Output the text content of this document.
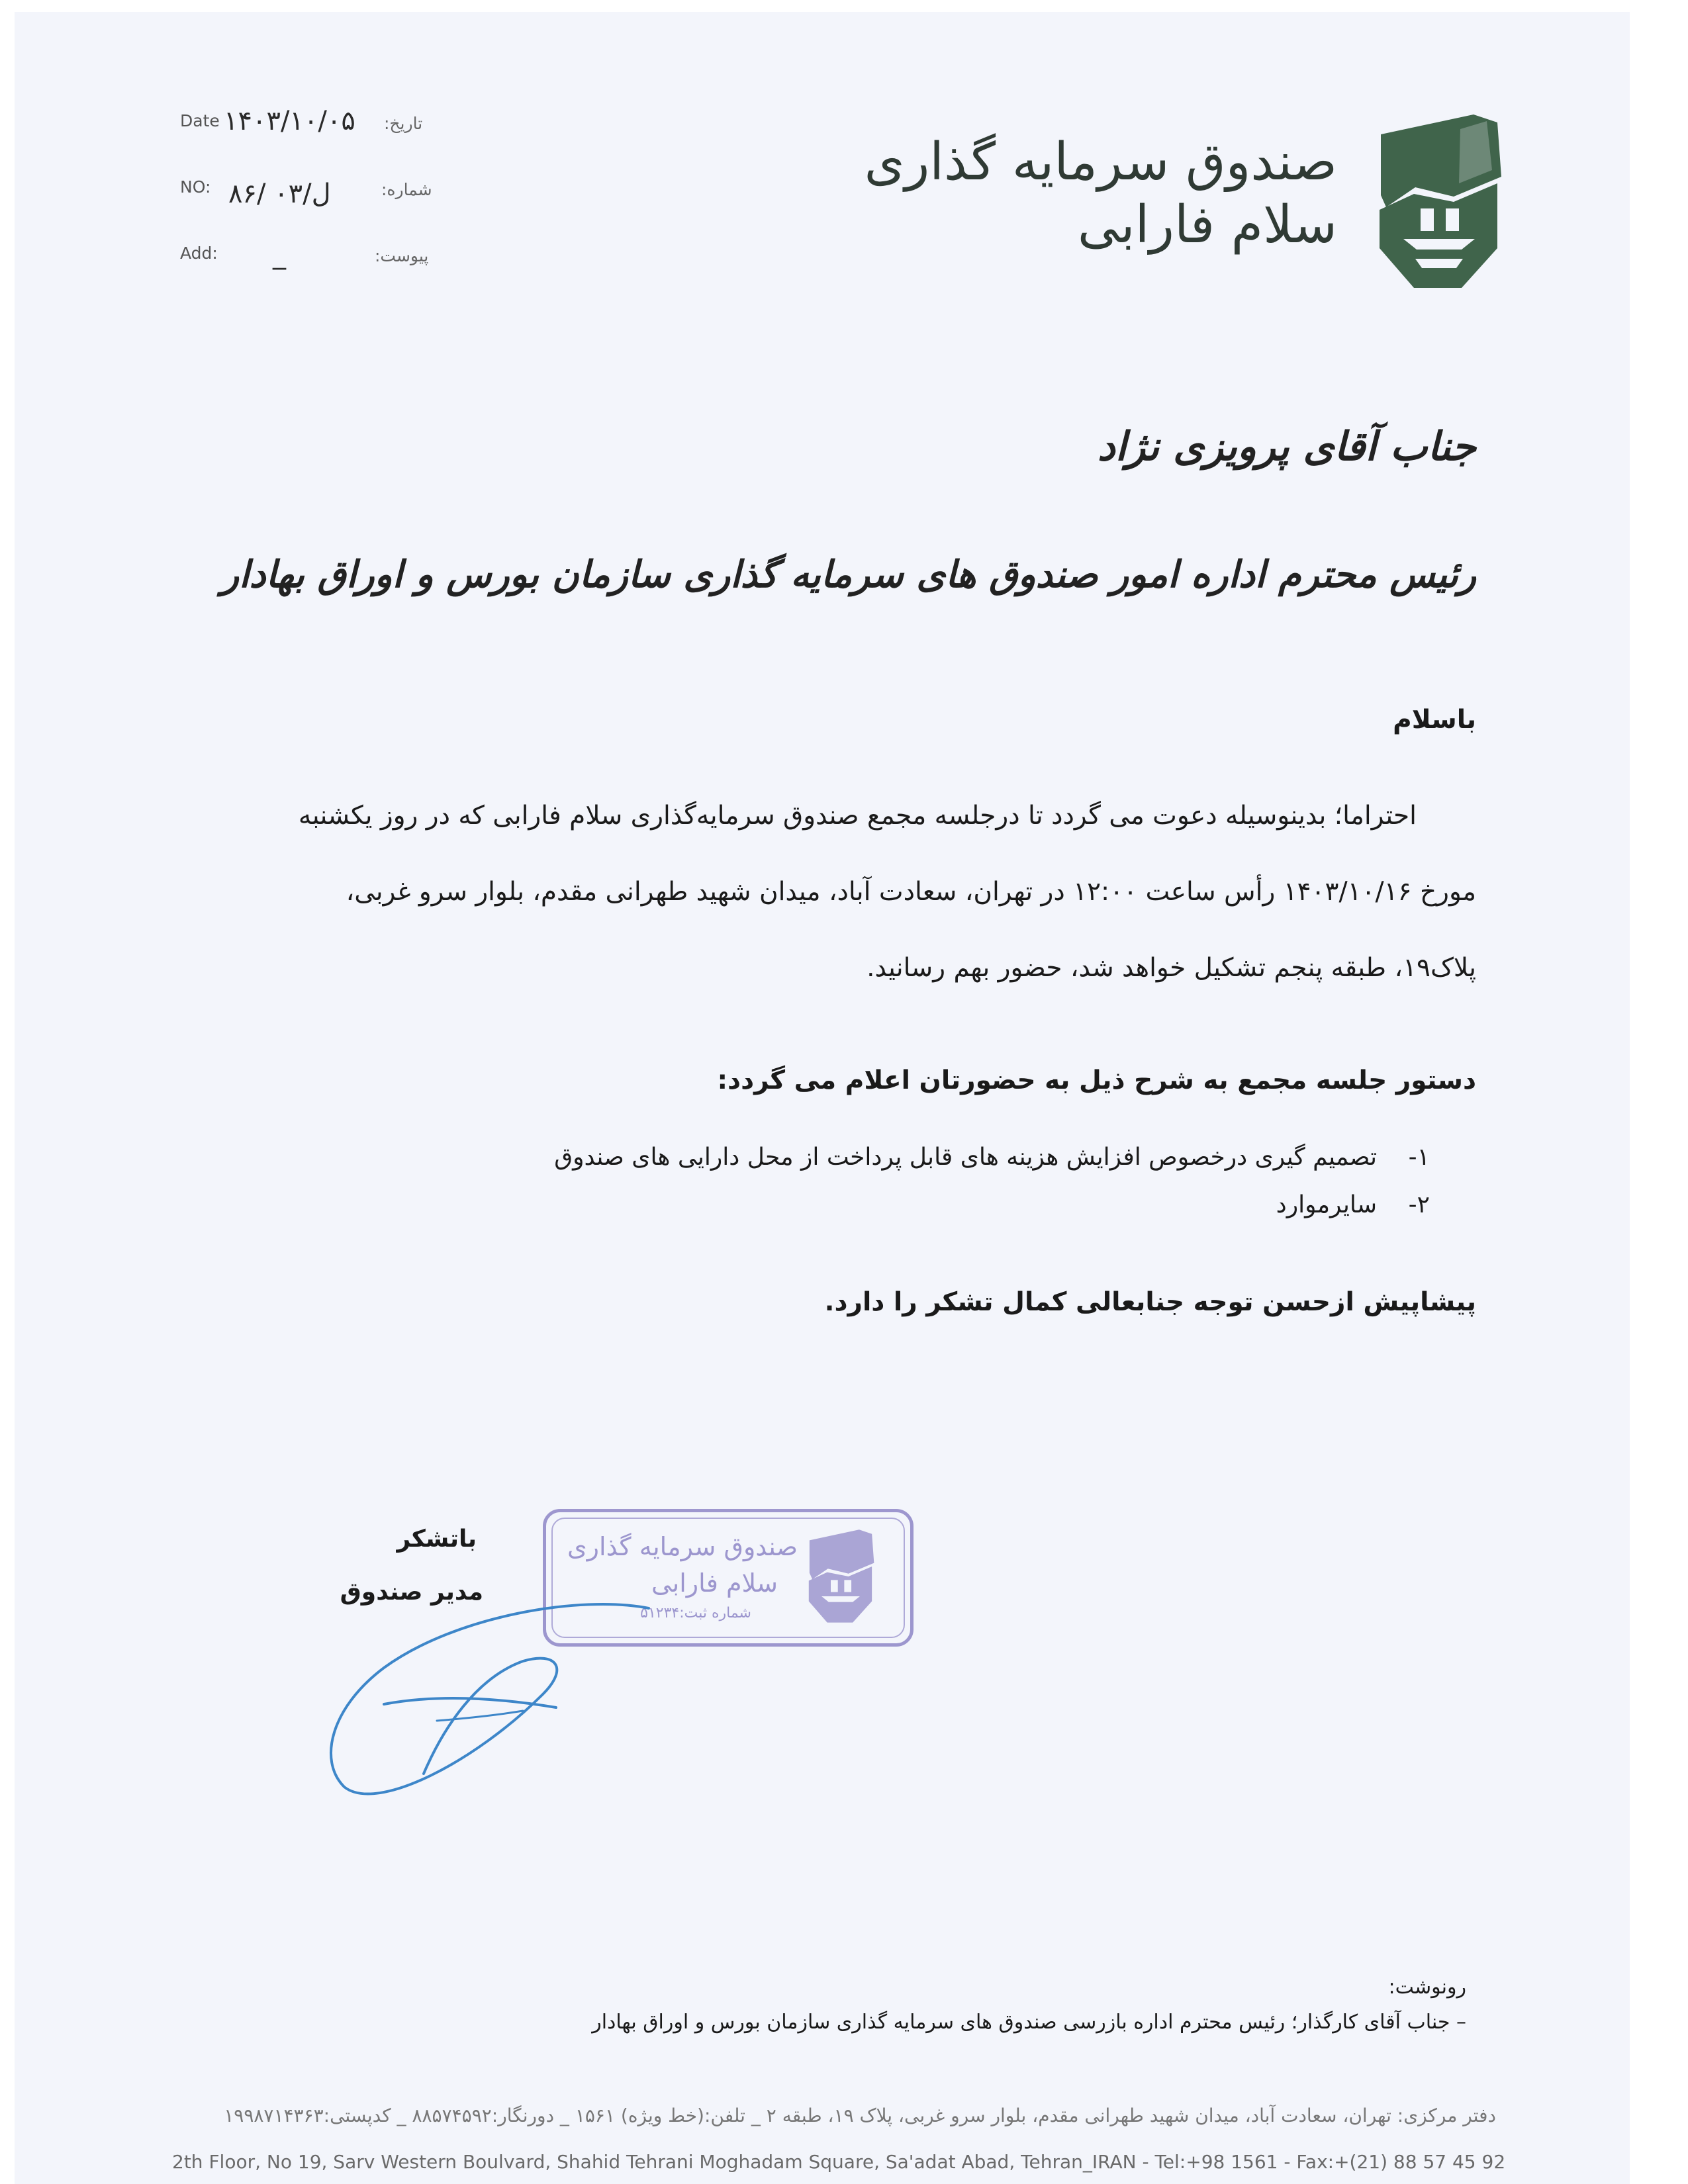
Date ۱۴۰۳/۱۰/۰۵ تاریخ:
NO: ۸۶/ ل/۰۳	شماره:
Add: _	پیوست:
صندوق سرمایه گذاری
سلام فارابی
جناب آقای پرویزی نژاد
رئیس محترم اداره امور صندوق های سرمایه گذاری سازمان بورس و اوراق بهادار
باسلام
احتراما؛ بدینوسیله دعوت می گردد تا درجلسه مجمع صندوق سرمایه‌گذاری سلام فارابی که در روز یکشنبه
مورخ ۱۴۰۳/۱۰/۱۶ رأس ساعت ۱۲:۰۰ در تهران، سعادت آباد، میدان شهید طهرانی مقدم، بلوار سرو غربی،
پلاک۱۹، طبقه پنجم تشکیل خواهد شد، حضور بهم رسانید.
دستور جلسه مجمع به شرح ذیل به حضورتان اعلام می گردد:
۱-
تصمیم گیری درخصوص افزایش هزینه های قابل پرداخت از محل دارایی های صندوق
۲-
سایرموارد
پیشاپیش ازحسن توجه جنابعالی کمال تشکر را دارد.
باتشکر
مدیر صندوق
صندوق سرمایه گذاری
سلام فارابی
شماره ثبت:۵۱۲۳۴
رونوشت:
– جناب آقای کارگذار؛ رئیس محترم اداره بازرسی صندوق های سرمایه گذاری سازمان بورس و اوراق بهادار
دفتر مرکزی: تهران، سعادت آباد، میدان شهید طهرانی مقدم، بلوار سرو غربی، پلاک ۱۹، طبقه ۲ _ تلفن:(خط ویژه) ۱۵۶۱ _ دورنگار:۸۸۵۷۴۵۹۲ _ کدپستی:۱۹۹۸۷۱۴۳۶۳
2th Floor, No 19, Sarv Western Boulvard, Shahid Tehrani Moghadam Square, Sa'adat Abad, Tehran_IRAN - Tel:+98 1561 - Fax:+(21) 88 57 45 92
